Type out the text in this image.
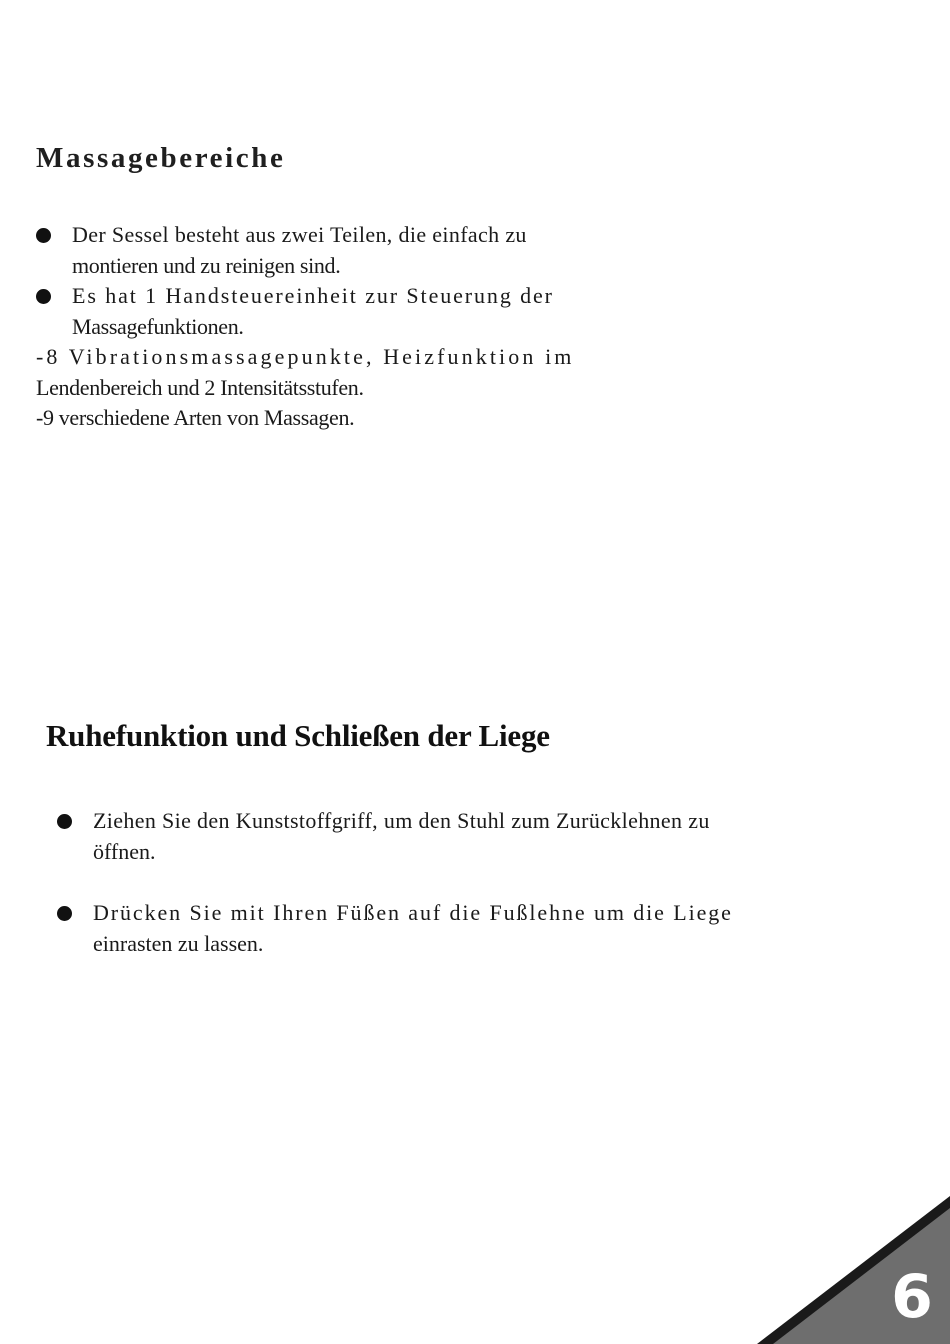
Massagebereiche
Der Sessel besteht aus zwei Teilen, die einfach zu
montieren und zu reinigen sind.
Es hat 1 Handsteuereinheit zur Steuerung der
Massagefunktionen.
-8 Vibrationsmassagepunkte, Heizfunktion im
Lendenbereich und 2 Intensitätsstufen.
-9 verschiedene Arten von Massagen.
Ruhefunktion und Schließen der Liege
Ziehen Sie den Kunststoffgriff, um den Stuhl zum Zurücklehnen zu
öffnen.
Drücken Sie mit Ihren Füßen auf die Fußlehne um die Liege
einrasten zu lassen.
6
